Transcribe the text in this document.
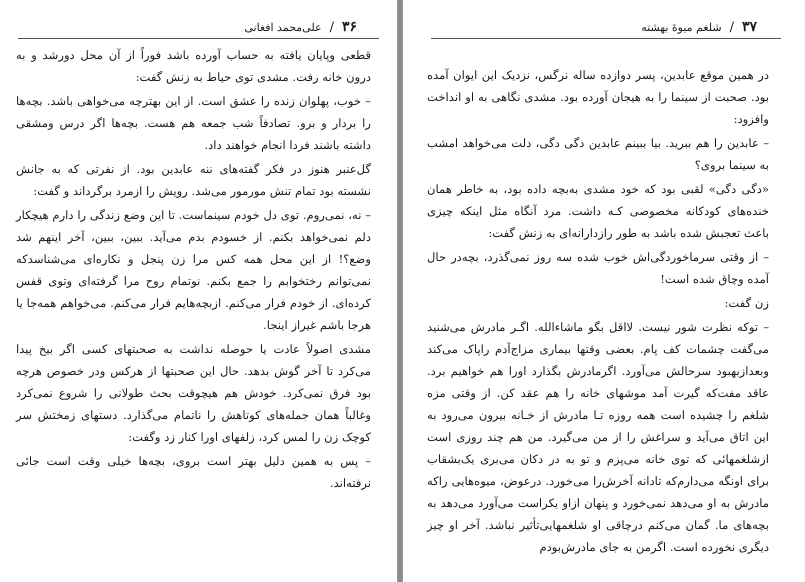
۳۶
/
علی‌محمد افغانی

قطعی وپایان یافته به حساب آورده باشد فوراً از آن محل دورشد و به درون خانه رفت. مشدی توی حیاط به زنش گفت:

– خوب، پهلوان زنده را عشق است. از این بهترچه می‌خواهی باشد. بچه‌ها را بردار و برو. تصادفاً شب جمعه هم هست. بچه‌ها اگر درس ومشقی داشته باشند فردا انجام خواهند داد.

گل‌عنبر هنوز در فکر گفته‌های ننه عابدین بود. از نفرتی که به جانش نشسته بود تمام تنش مورمور می‌شد. رویش را ازمرد برگرداند و گفت:

– نه، نمی‌روم. توی دل خودم سینماست. تا این وضع زندگی را دارم هیچکار دلم نمی‌خواهد بکنم. از خسودم بدم می‌آید. ببین، ببین، آخر اینهم شد وضع؟! از این محل همه کس مرا زن پنجل و نکاره‌ای می‌شناسدکه نمی‌توانم رختخوابم را جمع بکنم. نوتمام روح مرا گرفته‌ای وتوی قفس کرده‌ای. از خودم فرار می‌کنم. ازبچه‌هایم فرار می‌کنم. می‌خواهم همه‌جا یا هرجا باشم غیراز اینجا.

مشدی اصولاً عادت یا حوصله نداشت به صحبتهای کسی اگر بیخ پیدا می‌کرد تا آخر گوش بدهد. حال این صحبتها از هرکس ودر خصوص هرچه بود فرق نمی‌کرد. خودش هم هیچوقت بحث طولانی را شروع نمی‌کرد وغالباً همان جمله‌های کوتاهش را ناتمام می‌گذارد. دستهای زمختش سر کوچک زن را لمس کرد، زلفهای اورا کنار زد وگفت:

– پس به همین دلیل بهتر است بروی، بچه‌ها خیلی وقت است جائی نرفته‌اند.

۳۷
/
شلغم میوهٔ بهشته

در همین موقع عابدین، پسر دوازده ساله نرگس، نزدیک این ایوان آمده بود. صحبت از سینما را به هیجان آورده بود. مشدی نگاهی به او انداخت وافزود:

– عابدین را هم ببرید. بیا ببینم عابدین دگی دگی، دلت می‌خواهد امشب به سینما بروی؟

«دگی دگی» لقبی بود که خود مشدی به‌بچه داده بود، به خاطر همان خنده‌های کودکانه مخصوصی کـه داشت. مرد آنگاه مثل اینکه چیزی باعث تعجبش شده باشد به طور رازدارانه‌ای به زنش گفت:

– از وقتی سرماخوردگی‌اش خوب شده سه روز نمی‌گذرد، بچه‌در حال آمده وچاق شده است!

زن گفت:

– توکه نظرت شور نیست. لااقل بگو ماشاءالله. اگـر مادرش می‌شنید می‌گفت چشمات کف پام. بعضی وقتها بیماری مزاج‌آدم راپاک می‌کند وبعدازبهبود سرحالش می‌آورد. اگرمادرش بگذارد اورا هم خواهیم برد. عاقد مفت‌که گیرت آمد موشهای خانه را هم عقد کن. از وقتی مزه شلغم را چشیده است همه روزه تـا مادرش از خـانه بیرون می‌رود به این اتاق می‌آید و سراغش را از من می‌گیرد. من هم چند روزی است ازشلغمهائی که توی خانه می‌پزم و تو به در دکان می‌بری یک‌بشقاب برای اونگه می‌دارم‌که تادانه آخرش‌را می‌خورد. درعوض، میوه‌هایی راکه مادرش به او می‌دهد نمی‌خورد و پنهان ازاو یکراست می‌آورد می‌دهد به بچه‌های ما. گمان می‌کنم درچاقی او شلغمهایی‌تأثیر نباشد. آخر او چیز دیگری نخورده است. اگرمن به جای مادرش‌بودم
